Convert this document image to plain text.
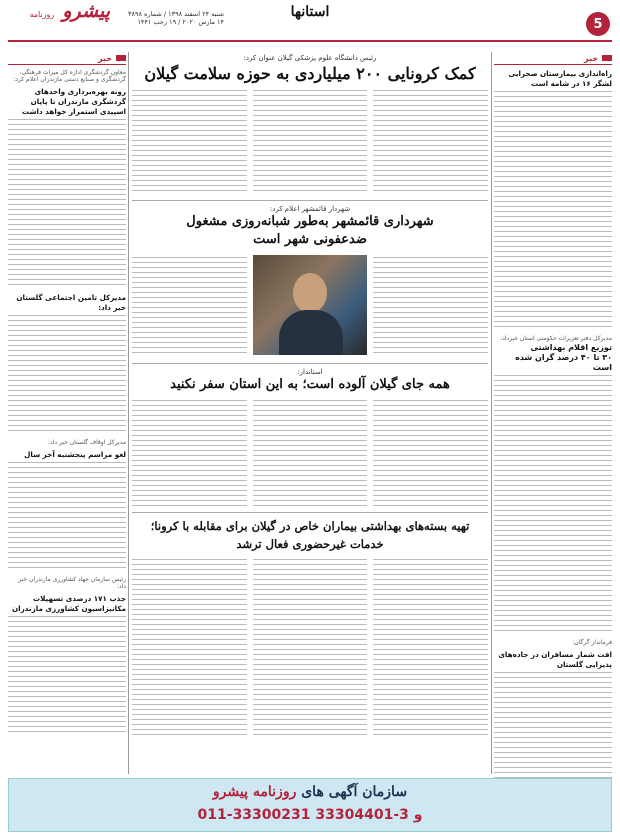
5
استانها
شنبه ۲۴ اسفند ۱۳۹۸ / شماره ۳۸۹۸
۱۴ مارس ۲۰۲۰ / ۱۹ رجب ۱۴۴۱
پیشرو روزنامه
خبر
راه‌اندازی بیمارستان صحرایی لشگر ۱۶ در شامه است
مدیرکل دفتر تعزیرات حکومتی استان خبرداد:
توزیع اقلام بهداشتی
۳۰ تا ۴۰ درصد گران شده است
فرماندار گرگان:
افت شمار مسافران در جاده‌های پذیرایی گلستان
رئیس دانشگاه علوم پزشکی گیلان عنوان کرد:
کمک کرونایی ۲۰۰ میلیاردی به حوزه سلامت گیلان
شهردار قائمشهر اعلام کرد:
شهرداری قائمشهر به‌طور شبانه‌روزی مشغول
ضدعفونی شهر است
استاندار:
همه جای گیلان آلوده است؛ به این استان سفر نکنید
تهیه بسته‌های بهداشتی بیماران خاص در گیلان برای مقابله با کرونا؛
خدمات غیرحضوری فعال ترشد
خبر
معاون گردشگری اداره کل میراث فرهنگی، گردشگری و صنایع دستی مازندران اعلام کرد:
رونه بهره‌برداری واحدهای گردشگری مازندران تا پایان اسپیدی استمرار خواهد داشت
مدیرکل تامین اجتماعی گلستان خبر داد:
مدیرکل اوقاف گلستان خبر داد:
لغو مراسم پنجشنبه آخر سال
رئیس سازمان جهاد کشاورزی مازندران خبر داد:
جذب ۱۷۱ درصدی تسهیلات مکانیزاسیون کشاورزی مازندران
سازمان آگهی های روزنامه پیشرو
011-33300231 و 3-33304401
